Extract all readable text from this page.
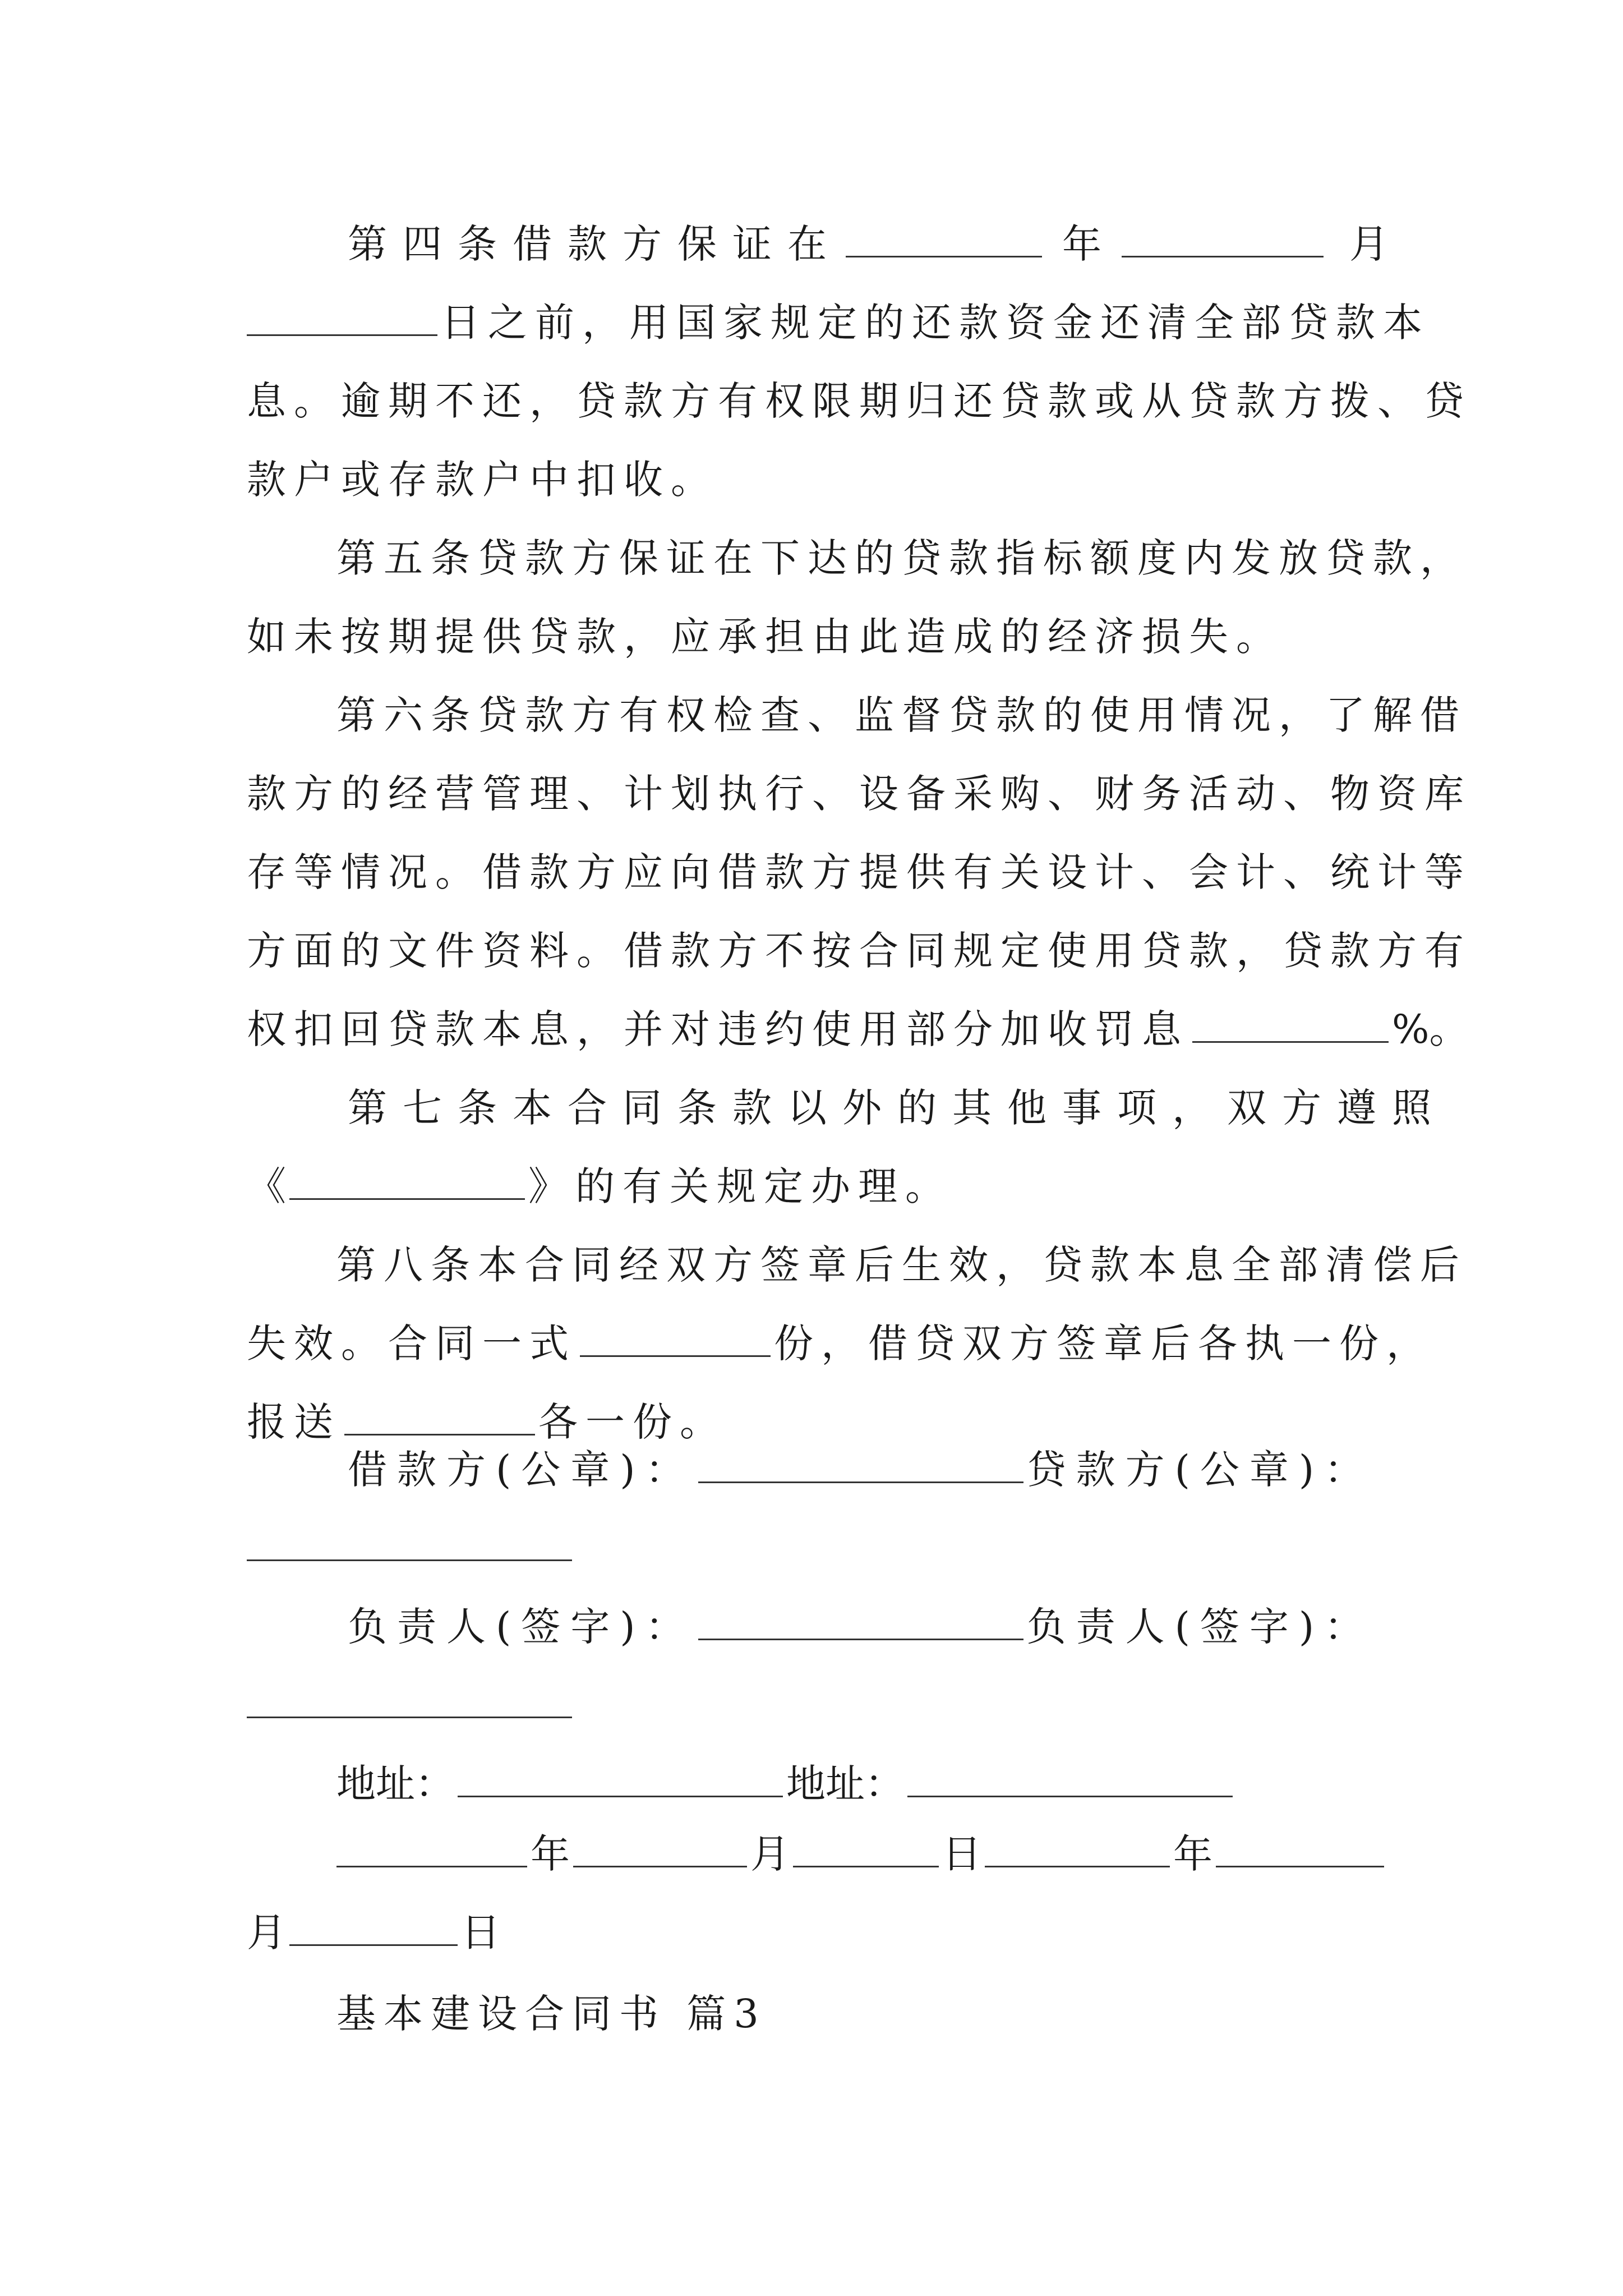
第四条借款方保证在	年	月
日之前，用国家规定的还款资金还清全部贷款本
息。逾期不还，贷款方有权限期归还贷款或从贷款方拨、贷
款户或存款户中扣收。
第五条贷款方保证在下达的贷款指标额度内发放贷款，
如未按期提供贷款，应承担由此造成的经济损失。
第六条贷款方有权检查、监督贷款的使用情况，了解借
款方的经营管理、计划执行、设备采购、财务活动、物资库
存等情况。借款方应向借款方提供有关设计、会计、统计等
方面的文件资料。借款方不按合同规定使用贷款，贷款方有
权扣回贷款本息，并对违约使用部分加收罚息	%。
第七条本合同条款以外的其他事项，双方遵照
《	》的有关规定办理。
第八条本合同经双方签章后生效，贷款本息全部清偿后
失效。合同一式	份，借贷双方签章后各执一份，
报送	各一份。
借款方(公章)：	贷款方(公章)：
负责人(签字)：	负责人(签字)：
地址：	地址：
年	月	日	年
月	日
基本建设合同书 篇3
